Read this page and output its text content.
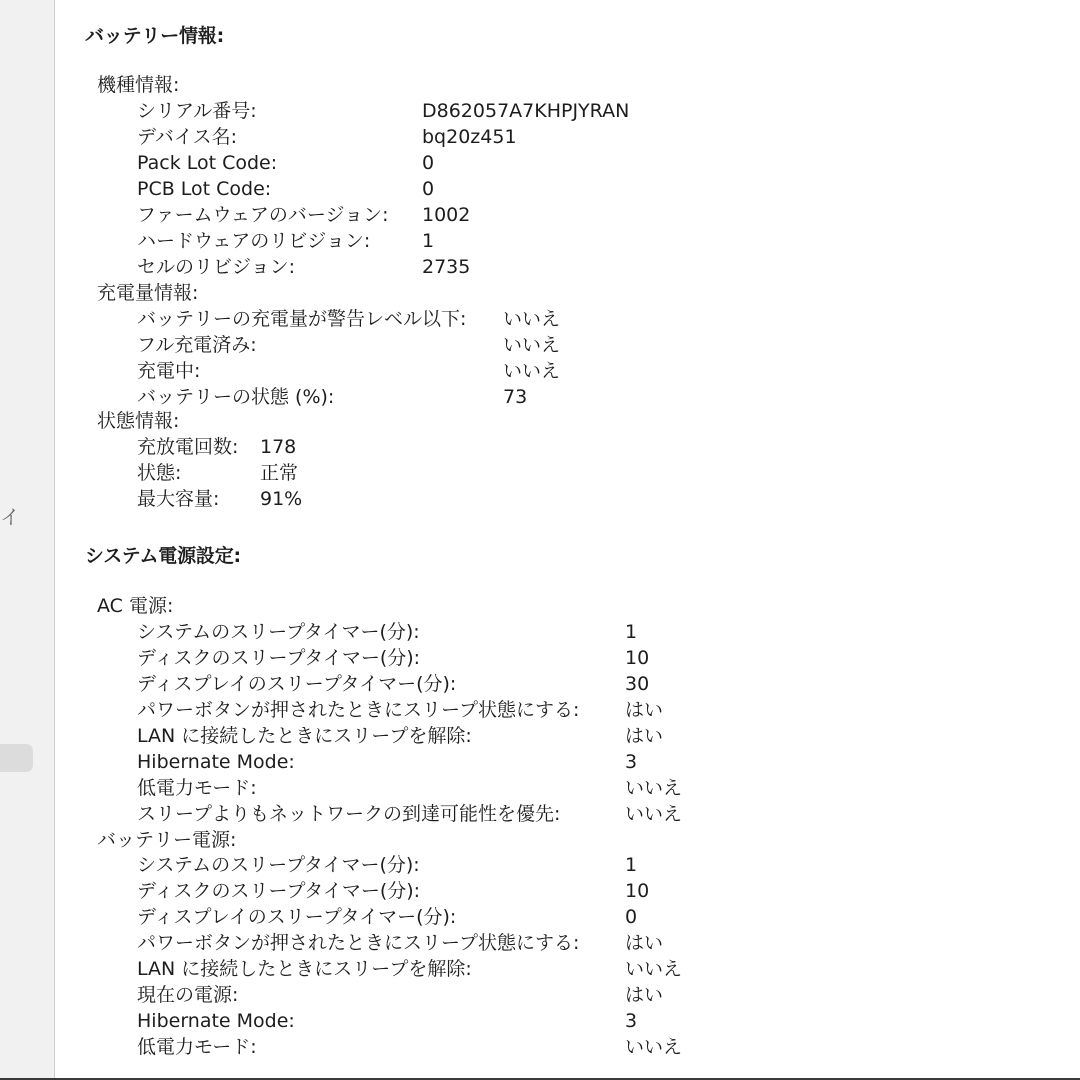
イ
バッテリー情報:
システム電源設定:
機種情報:
シリアル番号:	D862057A7KHPJYRAN
デバイス名:	bq20z451
Pack Lot Code:	0
PCB Lot Code:	0
ファームウェアのバージョン: 1002
ハードウェアのリビジョン:	1
セルのリビジョン:	2735
充電量情報:
バッテリーの充電量が警告レベル以下: いいえ
フル充電済み:	いいえ
充電中:	いいえ
バッテリーの状態 (%):	73
状態情報:
充放電回数: 178
状態:	正常
最大容量: 91%
AC 電源:
システムのスリープタイマー(分):	1
ディスクのスリープタイマー(分):	10
ディスプレイのスリープタイマー(分):	30
パワーボタンが押されたときにスリープ状態にする: はい
LAN に接続したときにスリープを解除:	はい
Hibernate Mode:	3
低電力モード:	いいえ
スリープよりもネットワークの到達可能性を優先:	いいえ
バッテリー電源:
システムのスリープタイマー(分):	1
ディスクのスリープタイマー(分):	10
ディスプレイのスリープタイマー(分):	0
パワーボタンが押されたときにスリープ状態にする: はい
LAN に接続したときにスリープを解除:	いいえ
現在の電源:	はい
Hibernate Mode:	3
低電力モード:	いいえ
